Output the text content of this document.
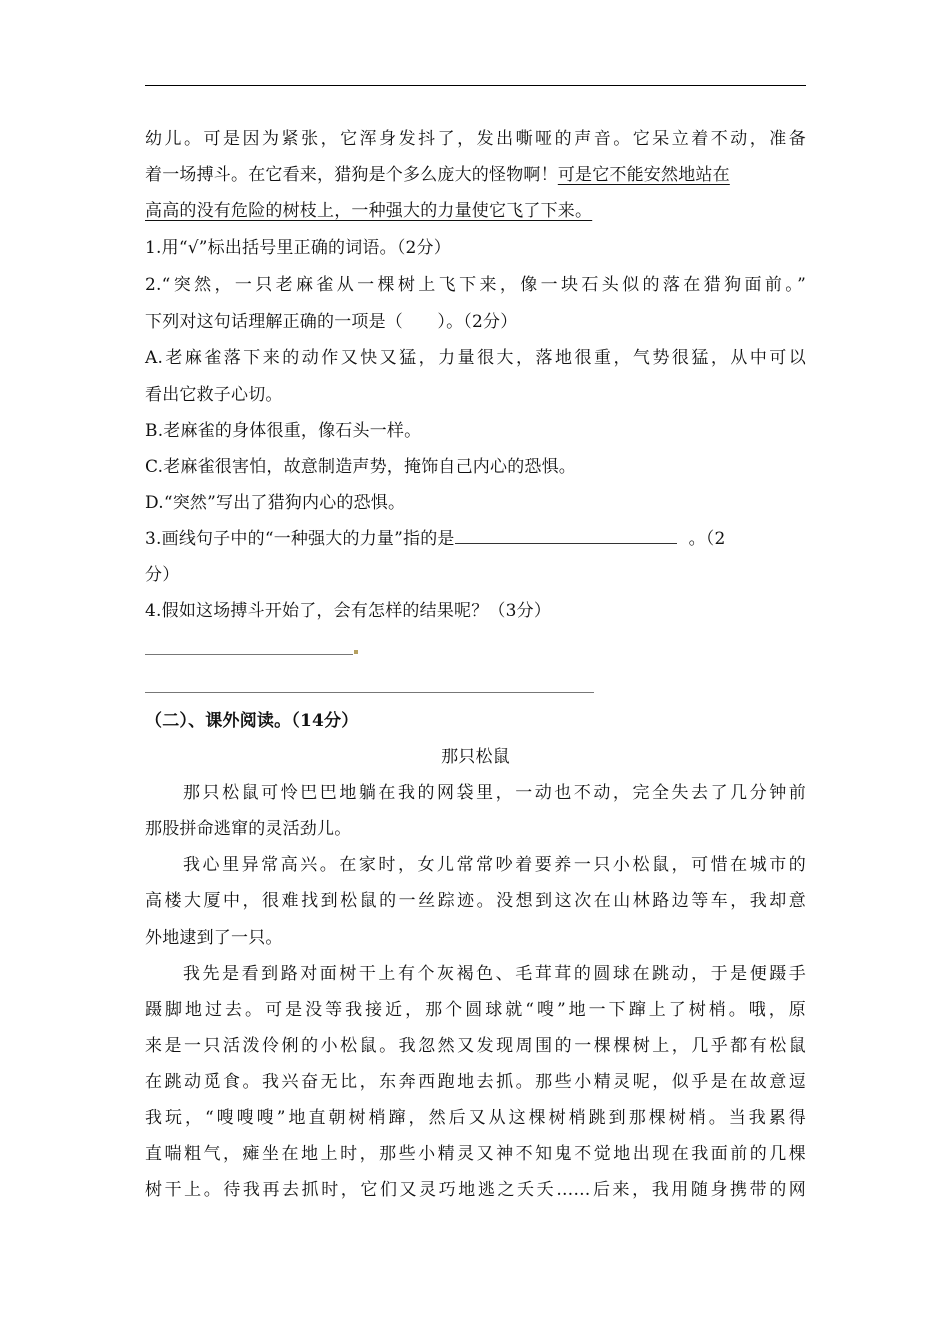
幼儿。可是因为紧张，它浑身发抖了，发出嘶哑的声音。它呆立着不动，准备
着一场搏斗。在它看来，猎狗是个多么庞大的怪物啊！可是它不能安然地站在
高高的没有危险的树枝上，一种强大的力量使它飞了下来。
1.用“√”标出括号里正确的词语。（2分）
2.“突然，一只老麻雀从一棵树上飞下来，像一块石头似的落在猎狗面前。”
下列对这句话理解正确的一项是（　　）。（2分）
A.老麻雀落下来的动作又快又猛，力量很大，落地很重，气势很猛，从中可以
看出它救子心切。
B.老麻雀的身体很重，像石头一样。
C.老麻雀很害怕，故意制造声势，掩饰自己内心的恐惧。
D.“突然”写出了猎狗内心的恐惧。
3.画线句子中的“一种强大的力量”指的是	。（2
分）
4.假如这场搏斗开始了，会有怎样的结果呢？（3分）
（二）、课外阅读。（14分）
那只松鼠
那只松鼠可怜巴巴地躺在我的网袋里，一动也不动，完全失去了几分钟前
那股拼命逃窜的灵活劲儿。
我心里异常高兴。在家时，女儿常常吵着要养一只小松鼠，可惜在城市的
高楼大厦中，很难找到松鼠的一丝踪迹。没想到这次在山林路边等车，我却意
外地逮到了一只。
我先是看到路对面树干上有个灰褐色、毛茸茸的圆球在跳动，于是便蹑手
蹑脚地过去。可是没等我接近，那个圆球就“嗖”地一下蹿上了树梢。哦，原
来是一只活泼伶俐的小松鼠。我忽然又发现周围的一棵棵树上，几乎都有松鼠
在跳动觅食。我兴奋无比，东奔西跑地去抓。那些小精灵呢，似乎是在故意逗
我玩，“嗖嗖嗖”地直朝树梢蹿，然后又从这棵树梢跳到那棵树梢。当我累得
直喘粗气，瘫坐在地上时，那些小精灵又神不知鬼不觉地出现在我面前的几棵
树干上。待我再去抓时，它们又灵巧地逃之夭夭……后来，我用随身携带的网
